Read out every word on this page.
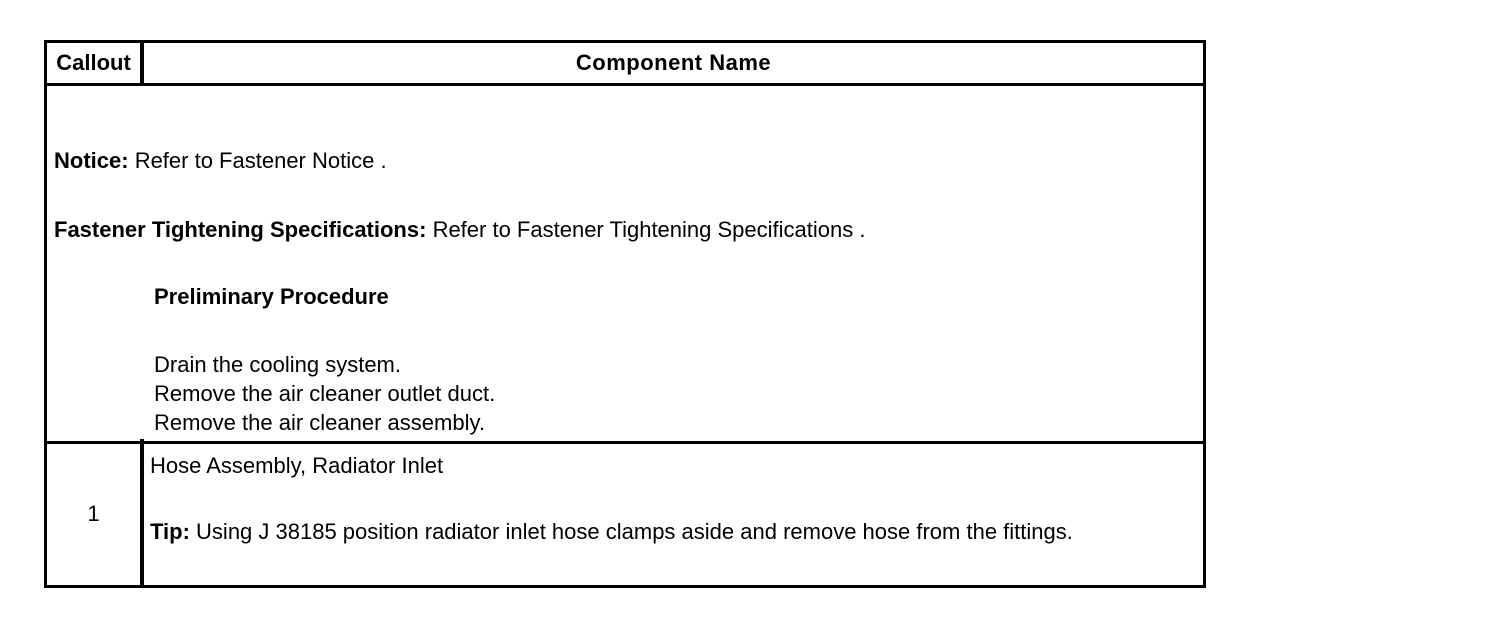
Callout	Component Name
Notice: Refer to Fastener Notice .
Fastener Tightening Specifications: Refer to Fastener Tightening Specifications .
Preliminary Procedure
Drain the cooling system.
Remove the air cleaner outlet duct.
Remove the air cleaner assembly.
1
Hose Assembly, Radiator Inlet
Tip: Using J 38185 position radiator inlet hose clamps aside and remove hose from the fittings.
